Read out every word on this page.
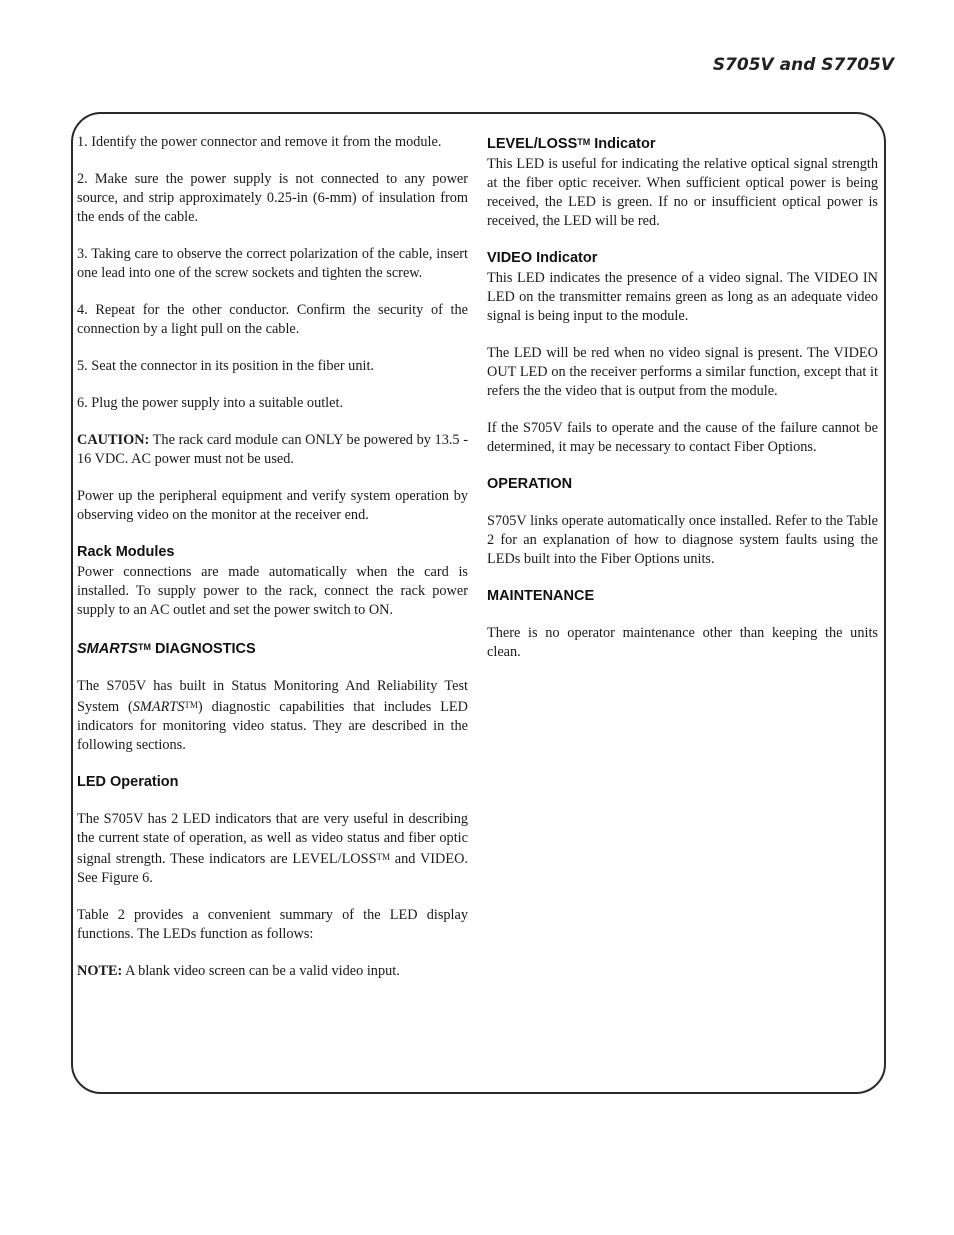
S705V and S7705V

1. Identify the power connector and remove it from the module.

2. Make sure the power supply is not connected to any power source, and strip approximately 0.25-in (6-mm) of insulation from the ends of the cable.

3. Taking care to observe the correct polarization of the cable, insert one lead into one of the screw sockets and tighten the screw.

4. Repeat for the other conductor. Confirm the security of the connection by a light pull on the cable.

5. Seat the connector in its position in the fiber unit.

6. Plug the power supply into a suitable outlet.

CAUTION: The rack card module can ONLY be powered by 13.5 - 16 VDC. AC power must not be used.

Power up the peripheral equipment and verify system operation by observing video on the monitor at the receiver end.

Rack Modules

Power connections are made automatically when the card is installed. To supply power to the rack, connect the rack power supply to an AC outlet and set the power switch to ON.

SMARTS™ DIAGNOSTICS

The S705V has built in Status Monitoring And Reliability Test System (SMARTS™) diagnostic capabilities that includes LED indicators for monitoring video status. They are described in the following sections.

LED Operation

The S705V has 2 LED indicators that are very useful in describing the current state of operation, as well as video status and fiber optic signal strength. These indicators are LEVEL/LOSS™ and VIDEO. See Figure 6.

Table 2 provides a convenient summary of the LED display functions. The LEDs function as follows:

NOTE: A blank video screen can be a valid video input.

LEVEL/LOSS™ Indicator

This LED is useful for indicating the relative optical signal strength at the fiber optic receiver. When sufficient optical power is being received, the LED is green. If no or insufficient optical power is received, the LED will be red.

VIDEO Indicator

This LED indicates the presence of a video signal. The VIDEO IN LED on the transmitter remains green as long as an adequate video signal is being input to the module.

The LED will be red when no video signal is present. The VIDEO OUT LED on the receiver performs a similar function, except that it refers the the video that is output from the module.

If the S705V fails to operate and the cause of the failure cannot be determined, it may be necessary to contact Fiber Options.

OPERATION

S705V links operate automatically once installed. Refer to the Table 2 for an explanation of how to diagnose system faults using the LEDs built into the Fiber Options units.

MAINTENANCE

There is no operator maintenance other than keeping the units clean.
